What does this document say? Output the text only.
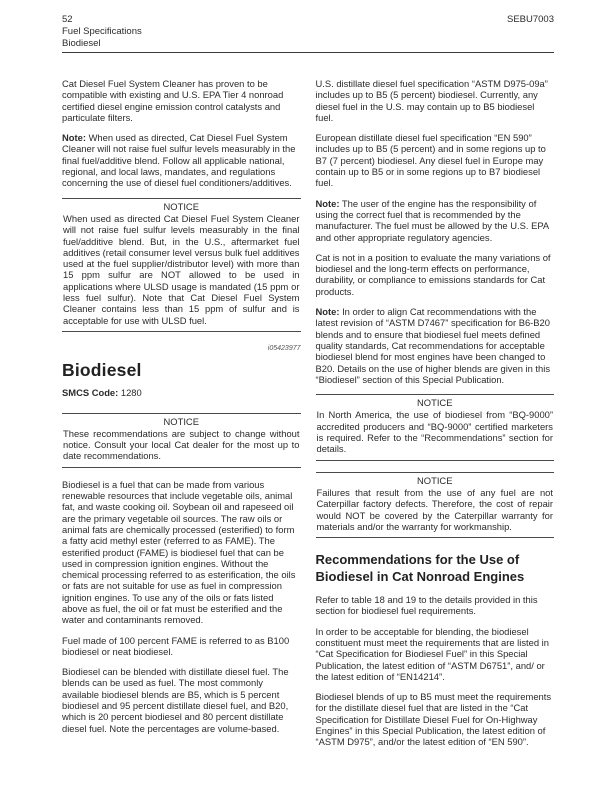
52	SEBU7003
Fuel Specifications
Biodiesel

Cat Diesel Fuel System Cleaner has proven to be compatible with existing and U.S. EPA Tier 4 nonroad certified diesel engine emission control catalysts and particulate filters.

Note: When used as directed, Cat Diesel Fuel System Cleaner will not raise fuel sulfur levels measurably in the final fuel/additive blend. Follow all applicable national, regional, and local laws, mandates, and regulations concerning the use of diesel fuel conditioners/additives.

NOTICE

When used as directed Cat Diesel Fuel System Cleaner will not raise fuel sulfur levels measurably in the final fuel/additive blend. But, in the U.S., aftermarket fuel additives (retail consumer level versus bulk fuel additives used at the fuel supplier/distributor level) with more than 15 ppm sulfur are NOT allowed to be used in applications where ULSD usage is mandated (15 ppm or less fuel sulfur). Note that Cat Diesel Fuel System Cleaner contains less than 15 ppm of sulfur and is acceptable for use with ULSD fuel.

i05423977
Biodiesel
SMCS Code: 1280
NOTICE

These recommendations are subject to change without notice. Consult your local Cat dealer for the most up to date recommendations.

Biodiesel is a fuel that can be made from various renewable resources that include vegetable oils, animal fat, and waste cooking oil. Soybean oil and rapeseed oil are the primary vegetable oil sources. The raw oils or animal fats are chemically processed (esterified) to form a fatty acid methyl ester (referred to as FAME). The esterified product (FAME) is biodiesel fuel that can be used in compression ignition engines. Without the chemical processing referred to as esterification, the oils or fats are not suitable for use as fuel in compression ignition engines. To use any of the oils or fats listed above as fuel, the oil or fat must be esterified and the water and contaminants removed.

Fuel made of 100 percent FAME is referred to as B100 biodiesel or neat biodiesel.

Biodiesel can be blended with distillate diesel fuel. The blends can be used as fuel. The most commonly available biodiesel blends are B5, which is 5 percent biodiesel and 95 percent distillate diesel fuel, and B20, which is 20 percent biodiesel and 80 percent distillate diesel fuel. Note the percentages are volume-based.

U.S. distillate diesel fuel specification “ASTM D975-09a” includes up to B5 (5 percent) biodiesel. Currently, any diesel fuel in the U.S. may contain up to B5 biodiesel fuel.

European distillate diesel fuel specification “EN 590” includes up to B5 (5 percent) and in some regions up to B7 (7 percent) biodiesel. Any diesel fuel in Europe may contain up to B5 or in some regions up to B7 biodiesel fuel.

Note: The user of the engine has the responsibility of using the correct fuel that is recommended by the manufacturer. The fuel must be allowed by the U.S. EPA and other appropriate regulatory agencies.

Cat is not in a position to evaluate the many variations of biodiesel and the long-term effects on performance, durability, or compliance to emissions standards for Cat products.

Note: In order to align Cat recommendations with the latest revision of “ASTM D7467” specification for B6-B20 blends and to ensure that biodiesel fuel meets defined quality standards, Cat recommendations for acceptable biodiesel blend for most engines have been changed to B20. Details on the use of higher blends are given in this “Biodiesel” section of this Special Publication.

NOTICE

In North America, the use of biodiesel from “BQ-9000” accredited producers and “BQ-9000” certified marketers is required. Refer to the “Recommendations” section for details.

NOTICE

Failures that result from the use of any fuel are not Caterpillar factory defects. Therefore, the cost of repair would NOT be covered by the Caterpillar warranty for materials and/or the warranty for workmanship.

Recommendations for the Use of Biodiesel in Cat Nonroad Engines

Refer to table 18 and 19 to the details provided in this section for biodiesel fuel requirements.

In order to be acceptable for blending, the biodiesel constituent must meet the requirements that are listed in “Cat Specification for Biodiesel Fuel” in this Special Publication, the latest edition of “ASTM D6751”, and/ or the latest edition of “EN14214”.

Biodiesel blends of up to B5 must meet the requirements for the distillate diesel fuel that are listed in the “Cat Specification for Distillate Diesel Fuel for On-Highway Engines” in this Special Publication, the latest edition of “ASTM D975”, and/or the latest edition of “EN 590”.
